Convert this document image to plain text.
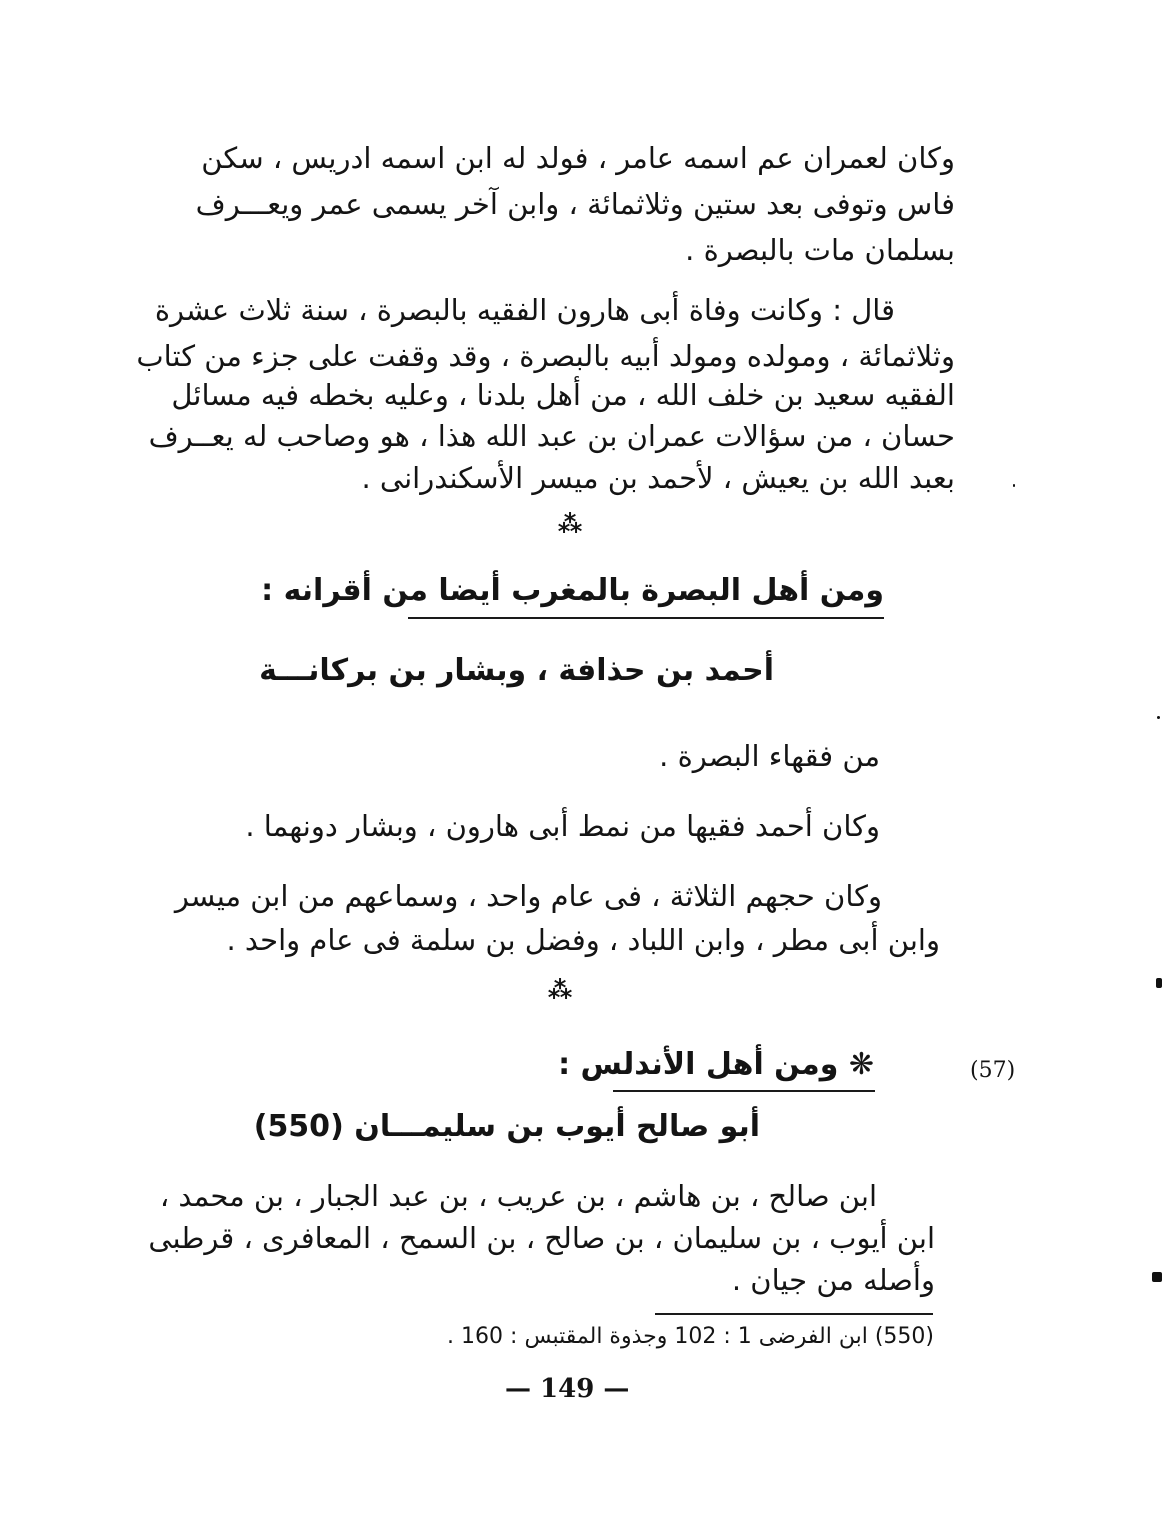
وكان لعمران عم اسمه عامر ، فولد له ابن اسمه ادريس ، سكن
فاس وتوفى بعد ستين وثلاثمائة ، وابن آخر يسمى عمر ويعـــرف
بسلمان مات بالبصرة .
قال : وكانت وفاة أبى هارون الفقيه بالبصرة ، سنة ثلاث عشرة
وثلاثمائة ، ومولده ومولد أبيه بالبصرة ، وقد وقفت على جزء من كتاب
الفقيه سعيد بن خلف الله ، من أهل بلدنا ، وعليه بخطه فيه مسائل
حسان ، من سؤالات عمران بن عبد الله هذا ، هو وصاحب له يعــرف
بعبد الله بن يعيش ، لأحمد بن ميسر الأسكندرانى .
⁂
ومن أهل البصرة بالمغرب أيضا من أقرانه :
أحمد بن حذافة ، وبشار بن بركانـــة
من فقهاء البصرة .
وكان أحمد فقيها من نمط أبى هارون ، وبشار دونهما .
وكان حجهم الثلاثة ، فى عام واحد ، وسماعهم من ابن ميسر
وابن أبى مطر ، وابن اللباد ، وفضل بن سلمة فى عام واحد .
⁂
❋ ومن أهل الأندلس :	(57)
أبو صالح أيوب بن سليمـــان (550)
ابن صالح ، بن هاشم ، بن عريب ، بن عبد الجبار ، بن محمد ،
ابن أيوب ، بن سليمان ، بن صالح ، بن السمح ، المعافرى ، قرطبى
وأصله من جيان .
(550) ابن الفرضى 1 : 102 وجذوة المقتبس : 160 .
— 149 —
